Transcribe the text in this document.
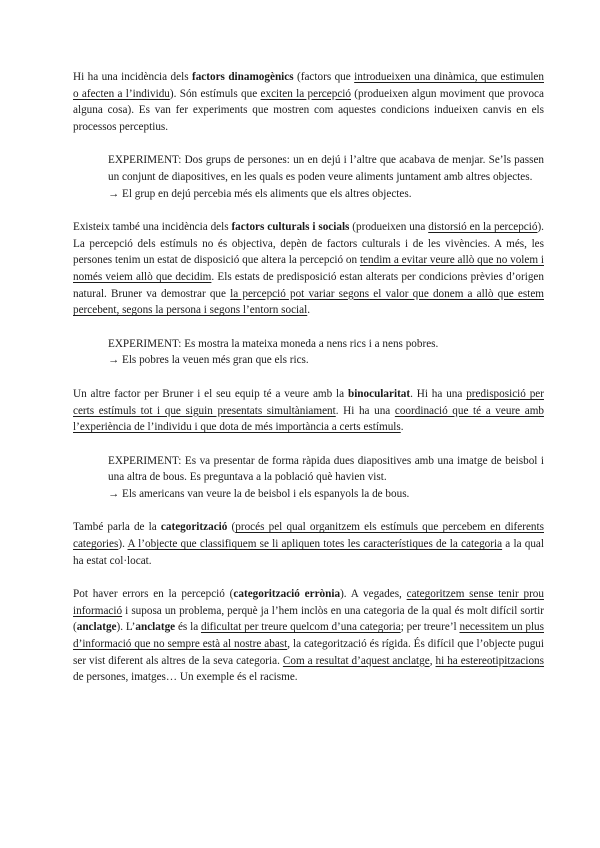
Hi ha una incidència dels factors dinamogènics (factors que introdueixen una dinàmica, que estimulen o afecten a l’individu). Són estímuls que exciten la percepció (produeixen algun moviment que provoca alguna cosa). Es van fer experiments que mostren com aquestes condicions indueixen canvis en els processos perceptius.

EXPERIMENT: Dos grups de persones: un en dejú i l’altre que acabava de menjar. Se’ls passen un conjunt de diapositives, en les quals es poden veure aliments juntament amb altres objectes.

→ El grup en dejú percebia més els aliments que els altres objectes.

Existeix també una incidència dels factors culturals i socials (produeixen una distorsió en la percepció). La percepció dels estímuls no és objectiva, depèn de factors culturals i de les vivències. A més, les persones tenim un estat de disposició que altera la percepció on tendim a evitar veure allò que no volem i només veiem allò que decidim. Els estats de predisposició estan alterats per condicions prèvies d’origen natural. Bruner va demostrar que la percepció pot variar segons el valor que donem a allò que estem percebent, segons la persona i segons l’entorn social.

EXPERIMENT: Es mostra la mateixa moneda a nens rics i a nens pobres.

→ Els pobres la veuen més gran que els rics.

Un altre factor per Bruner i el seu equip té a veure amb la binocularitat. Hi ha una predisposició per certs estímuls tot i que siguin presentats simultàniament. Hi ha una coordinació que té a veure amb l’experiència de l’individu i que dota de més importància a certs estímuls.

EXPERIMENT: Es va presentar de forma ràpida dues diapositives amb una imatge de beisbol i una altra de bous. Es preguntava a la població què havien vist.

→ Els americans van veure la de beisbol i els espanyols la de bous.

També parla de la categorització (procés pel qual organitzem els estímuls que percebem en diferents categories). A l’objecte que classifiquem se li apliquen totes les característiques de la categoria a la qual ha estat col·locat.

Pot haver errors en la percepció (categorització errònia). A vegades, categoritzem sense tenir prou informació i suposa un problema, perquè ja l’hem inclòs en una categoria de la qual és molt difícil sortir (anclatge). L’anclatge és la dificultat per treure quelcom d’una categoria; per treure’l necessitem un plus d’informació que no sempre està al nostre abast, la categorització és rígida. És difícil que l’objecte pugui ser vist diferent als altres de la seva categoria. Com a resultat d’aquest anclatge, hi ha estereotipitzacions de persones, imatges… Un exemple és el racisme.
